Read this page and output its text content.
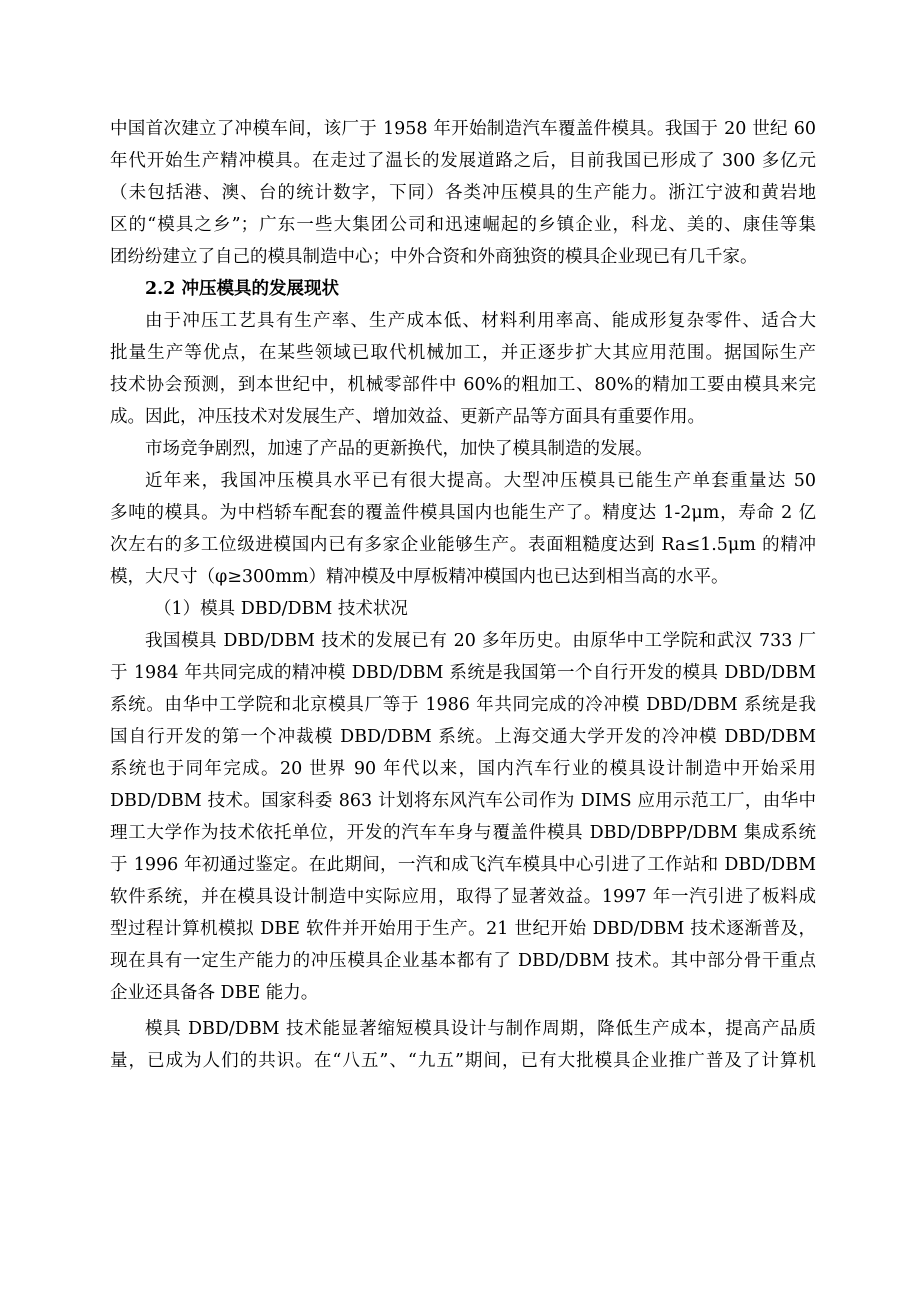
中国首次建立了冲模车间，该厂于 1958 年开始制造汽车覆盖件模具。我国于 20 世纪 60
年代开始生产精冲模具。在走过了温长的发展道路之后，目前我国已形成了 300 多亿元
（未包括港、澳、台的统计数字，下同）各类冲压模具的生产能力。浙江宁波和黄岩地
区的“模具之乡”；广东一些大集团公司和迅速崛起的乡镇企业，科龙、美的、康佳等集
团纷纷建立了自己的模具制造中心；中外合资和外商独资的模具企业现已有几千家。
2.2 冲压模具的发展现状
由于冲压工艺具有生产率、生产成本低、材料利用率高、能成形复杂零件、适合大
批量生产等优点，在某些领域已取代机械加工，并正逐步扩大其应用范围。据国际生产
技术协会预测，到本世纪中，机械零部件中 60%的粗加工、80%的精加工要由模具来完
成。因此，冲压技术对发展生产、增加效益、更新产品等方面具有重要作用。
市场竞争剧烈，加速了产品的更新换代，加快了模具制造的发展。
近年来，我国冲压模具水平已有很大提高。大型冲压模具已能生产单套重量达 50
多吨的模具。为中档轿车配套的覆盖件模具国内也能生产了。精度达 1-2μm，寿命 2 亿
次左右的多工位级进模国内已有多家企业能够生产。表面粗糙度达到 Ra≤1.5μm 的精冲
模，大尺寸（φ≥300mm）精冲模及中厚板精冲模国内也已达到相当高的水平。
（1）模具 DBD/DBM 技术状况
我国模具 DBD/DBM 技术的发展已有 20 多年历史。由原华中工学院和武汉 733 厂
于 1984 年共同完成的精冲模 DBD/DBM 系统是我国第一个自行开发的模具 DBD/DBM
系统。由华中工学院和北京模具厂等于 1986 年共同完成的冷冲模 DBD/DBM 系统是我
国自行开发的第一个冲裁模 DBD/DBM 系统。上海交通大学开发的冷冲模 DBD/DBM
系统也于同年完成。20 世界 90 年代以来，国内汽车行业的模具设计制造中开始采用
DBD/DBM 技术。国家科委 863 计划将东风汽车公司作为 DIMS 应用示范工厂，由华中
理工大学作为技术依托单位，开发的汽车车身与覆盖件模具 DBD/DBPP/DBM 集成系统
于 1996 年初通过鉴定。在此期间，一汽和成飞汽车模具中心引进了工作站和 DBD/DBM
软件系统，并在模具设计制造中实际应用，取得了显著效益。1997 年一汽引进了板料成
型过程计算机模拟 DBE 软件并开始用于生产。21 世纪开始 DBD/DBM 技术逐渐普及，
现在具有一定生产能力的冲压模具企业基本都有了 DBD/DBM 技术。其中部分骨干重点
企业还具备各 DBE 能力。
模具 DBD/DBM 技术能显著缩短模具设计与制作周期，降低生产成本，提高产品质
量，已成为人们的共识。在“八五”、“九五”期间，已有大批模具企业推广普及了计算机
